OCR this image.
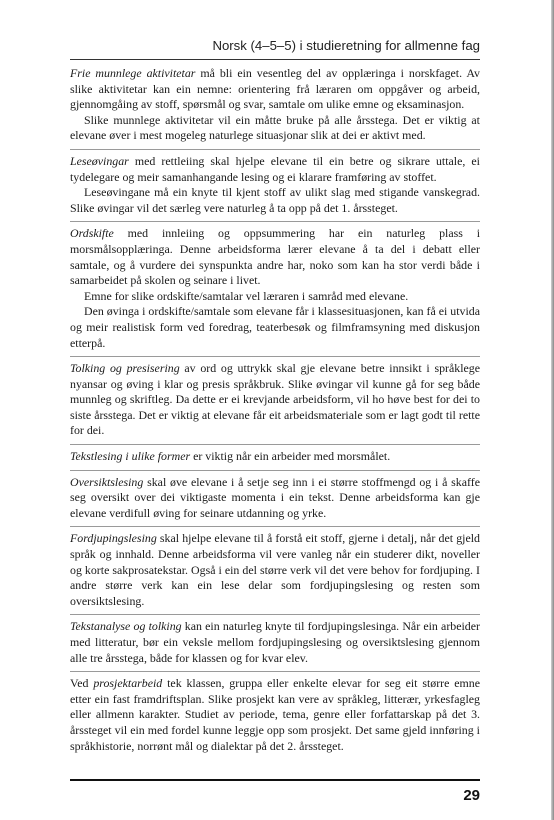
Norsk (4–5–5) i studieretning for allmenne fag

Frie munnlege aktivitetar må bli ein vesentleg del av opplæringa i norskfaget. Av slike aktivitetar kan ein nemne: orientering frå læraren om oppgåver og arbeid, gjennomgåing av stoff, spørsmål og svar, samtale om ulike emne og eksaminasjon.

Slike munnlege aktivitetar vil ein måtte bruke på alle årsstega. Det er viktig at elevane øver i mest mogeleg naturlege situasjonar slik at dei er aktivt med.

Leseøvingar med rettleiing skal hjelpe elevane til ein betre og sikrare uttale, ei tydelegare og meir samanhangande lesing og ei klarare framføring av stoffet.

Leseøvingane må ein knyte til kjent stoff av ulikt slag med stigande vanskegrad. Slike øvingar vil det særleg vere naturleg å ta opp på det 1. årssteget.

Ordskifte med innleiing og oppsummering har ein naturleg plass i morsmålsopplæringa. Denne arbeidsforma lærer elevane å ta del i debatt eller samtale, og å vurdere dei synspunkta andre har, noko som kan ha stor verdi både i samarbeidet på skolen og seinare i livet.

Emne for slike ordskifte/samtalar vel læraren i samråd med elevane.

Den øvinga i ordskifte/samtale som elevane får i klassesituasjonen, kan få ei utvida og meir realistisk form ved foredrag, teaterbesøk og filmframsyning med diskusjon etterpå.

Tolking og presisering av ord og uttrykk skal gje elevane betre innsikt i språklege nyansar og øving i klar og presis språkbruk. Slike øvingar vil kunne gå for seg både munnleg og skriftleg. Da dette er ei krevjande arbeidsform, vil ho høve best for dei to siste årsstega. Det er viktig at elevane får eit arbeidsmateriale som er lagt godt til rette for dei.

Tekstlesing i ulike former er viktig når ein arbeider med morsmålet.

Oversiktslesing skal øve elevane i å setje seg inn i ei større stoffmengd og i å skaffe seg oversikt over dei viktigaste momenta i ein tekst. Denne arbeidsforma kan gje elevane verdifull øving for seinare utdanning og yrke.

Fordjupingslesing skal hjelpe elevane til å forstå eit stoff, gjerne i detalj, når det gjeld språk og innhald. Denne arbeidsforma vil vere vanleg når ein studerer dikt, noveller og korte sakprosatekstar. Også i ein del større verk vil det vere behov for fordjuping. I andre større verk kan ein lese delar som fordjupingslesing og resten som oversiktslesing.

Tekstanalyse og tolking kan ein naturleg knyte til fordjupingslesinga. Når ein arbeider med litteratur, bør ein veksle mellom fordjupingslesing og oversiktslesing gjennom alle tre årsstega, både for klassen og for kvar elev.

Ved prosjektarbeid tek klassen, gruppa eller enkelte elevar for seg eit større emne etter ein fast framdriftsplan. Slike prosjekt kan vere av språkleg, litterær, yrkesfagleg eller allmenn karakter. Studiet av periode, tema, genre eller forfattarskap på det 3. årssteget vil ein med fordel kunne leggje opp som prosjekt. Det same gjeld innføring i språkhistorie, norrønt mål og dialektar på det 2. årssteget.

29
